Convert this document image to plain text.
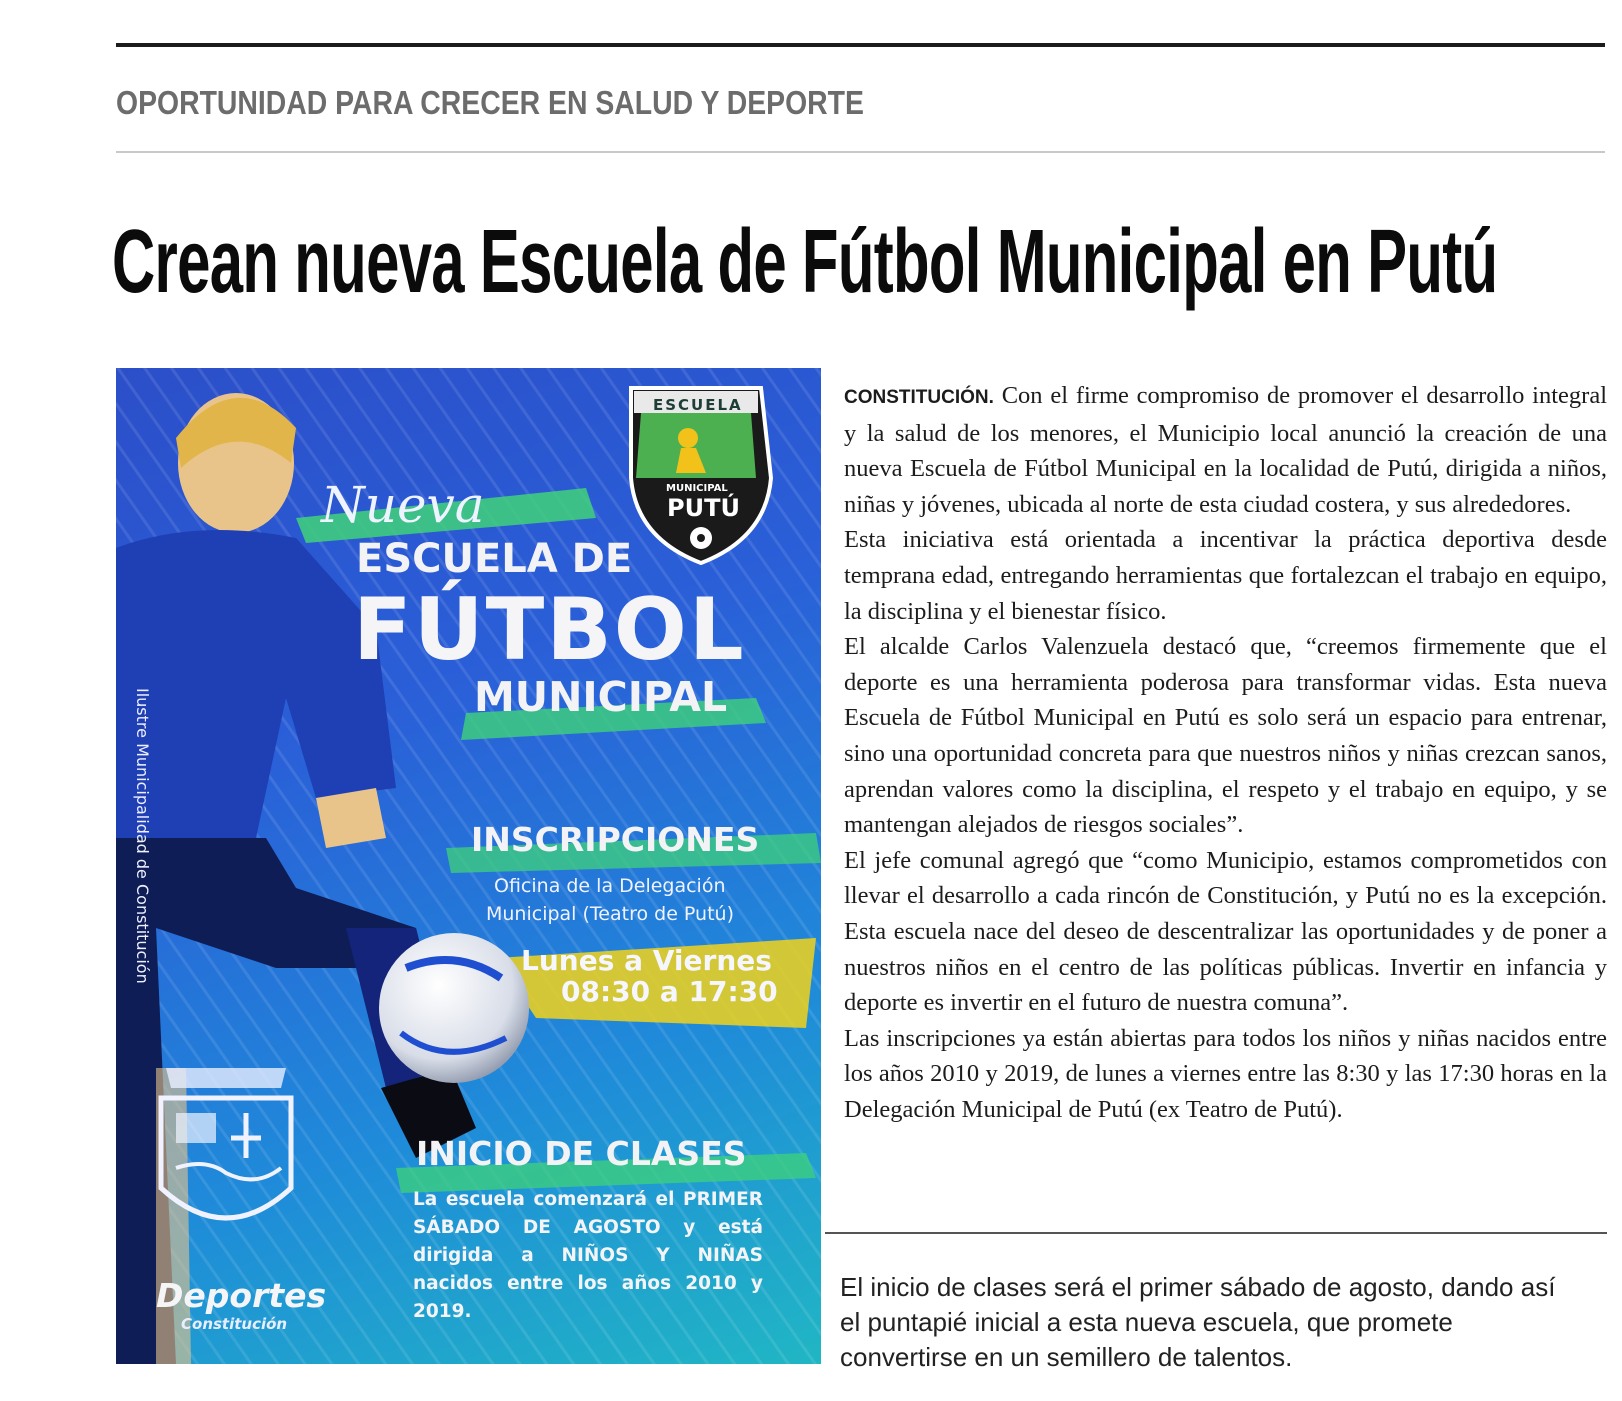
OPORTUNIDAD PARA CRECER EN SALUD Y DEPORTE
Crean nueva Escuela de Fútbol Municipal en Putú
ESCUELA
MUNICIPAL
PUTÚ
Nueva
ESCUELA DE
FÚTBOL
MUNICIPAL
INSCRIPCIONES
Oficina de la Delegación
Municipal (Teatro de Putú)
Lunes a Viernes
08:30 a 17:30
INICIO DE CLASES
La escuela comenzará el PRIMER SÁBADO DE AGOSTO y está dirigida a NIÑOS Y NIÑAS nacidos entre los años 2010 y 2019.
Ilustre Municipalidad de Constitución
Deportes
Constitución

CONSTITUCIÓN. Con el firme compromiso de promover el desarrollo integral y la salud de los menores, el Municipio local anunció la creación de una nueva Escuela de Fútbol Municipal en la localidad de Putú, dirigida a niños, niñas y jóvenes, ubicada al norte de esta ciudad costera, y sus alrededores.

Esta iniciativa está orientada a incentivar la práctica deportiva desde temprana edad, entregando herramientas que fortalezcan el trabajo en equipo, la disciplina y el bienestar físico.

El alcalde Carlos Valenzuela destacó que, “creemos firmemente que el deporte es una herramienta poderosa para transformar vidas. Esta nueva Escuela de Fútbol Municipal en Putú es solo será un espacio para entrenar, sino una oportunidad concreta para que nuestros niños y niñas crezcan sanos, aprendan valores como la disciplina, el respeto y el trabajo en equipo, y se mantengan alejados de riesgos sociales”.

El jefe comunal agregó que “como Municipio, estamos comprometidos con llevar el desarrollo a cada rincón de Constitución, y Putú no es la excepción. Esta escuela nace del deseo de descentralizar las oportunidades y de poner a nuestros niños en el centro de las políticas públicas. Invertir en infancia y deporte es invertir en el futuro de nuestra comuna”.

Las inscripciones ya están abiertas para todos los niños y niñas nacidos entre los años 2010 y 2019, de lunes a viernes entre las 8:30 y las 17:30 horas en la Delegación Municipal de Putú (ex Teatro de Putú).

El inicio de clases será el primer sábado de agosto, dando así el puntapié inicial a esta nueva escuela, que promete convertirse en un semillero de talentos.
